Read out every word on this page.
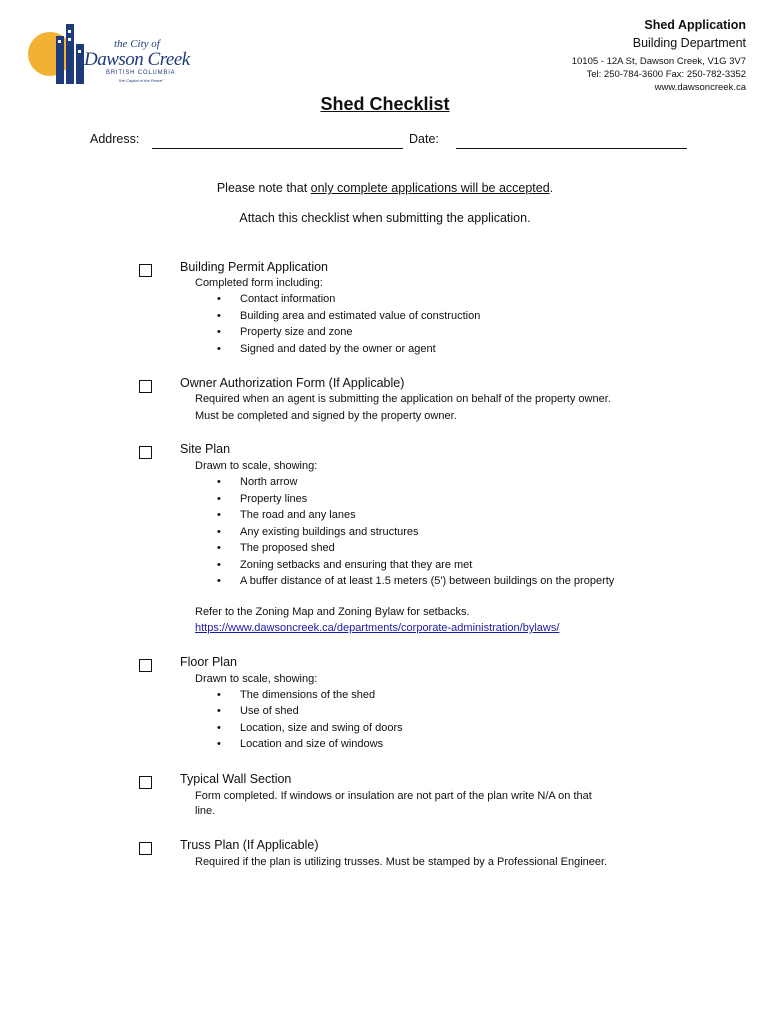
the City of
Dawson Creek
BRITISH COLUMBIA
"the Capital of the Peace"
Shed Application
Building Department
10105 - 12A St, Dawson Creek, V1G 3V7
Tel: 250-784-3600 Fax: 250-782-3352
www.dawsoncreek.ca
Shed Checklist
Address:	Date:
Please note that only complete applications will be accepted.
Attach this checklist when submitting the application.
Building Permit Application
Completed form including:
• Contact information
• Building area and estimated value of construction
• Property size and zone
• Signed and dated by the owner or agent
Owner Authorization Form (If Applicable)
Required when an agent is submitting the application on behalf of the property owner.
Must be completed and signed by the property owner.
Site Plan
Drawn to scale, showing:
• North arrow
• Property lines
• The road and any lanes
• Any existing buildings and structures
• The proposed shed
• Zoning setbacks and ensuring that they are met
• A buffer distance of at least 1.5 meters (5') between buildings on the property
Refer to the Zoning Map and Zoning Bylaw for setbacks.
https://www.dawsoncreek.ca/departments/corporate-administration/bylaws/
Floor Plan
Drawn to scale, showing:
• The dimensions of the shed
• Use of shed
• Location, size and swing of doors
• Location and size of windows
Typical Wall Section
Form completed. If windows or insulation are not part of the plan write N/A on that
line.
Truss Plan (If Applicable)
Required if the plan is utilizing trusses. Must be stamped by a Professional Engineer.
